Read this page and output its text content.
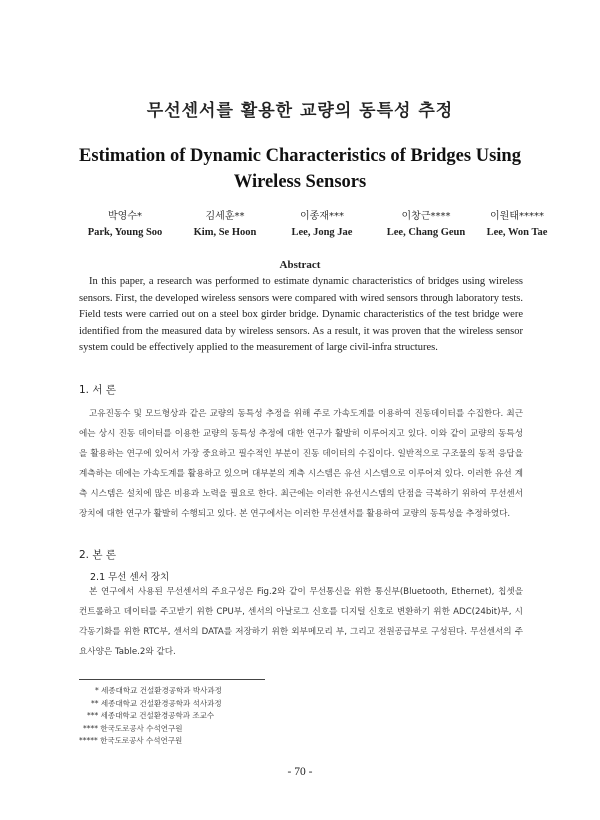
무선센서를 활용한 교량의 동특성 추정
Estimation of Dynamic Characteristics of Bridges Using
Wireless Sensors
박영수*
Park, Young Soo
김세훈**
Kim, Se Hoon
이종재***
Lee, Jong Jae
이창근****
Lee, Chang Geun
이원태*****
Lee, Won Tae
Abstract
In this paper, a research was performed to estimate dynamic characteristics of bridges using wireless sensors. First, the developed wireless sensors were compared with wired sensors through laboratory tests. Field tests were carried out on a steel box girder bridge. Dynamic characteristics of the test bridge were identified from the measured data by wireless sensors. As a result, it was proven that the wireless sensor system could be effectively applied to the measurement of large civil-infra structures.
1. 서 론
고유진동수 및 모드형상과 같은 교량의 동특성 추정을 위해 주로 가속도계를 이용하여 진동데이터를 수집한다. 최근에는 상시 진동 데이터를 이용한 교량의 동특성 추정에 대한 연구가 활발히 이루어지고 있다. 이와 같이 교량의 동특성을 활용하는 연구에 있어서 가장 중요하고 필수적인 부분이 진동 데이터의 수집이다. 일반적으로 구조물의 동적 응답을 계측하는 데에는 가속도계를 활용하고 있으며 대부분의 계측 시스템은 유선 시스템으로 이루어져 있다. 이러한 유선 계측 시스템은 설치에 많은 비용과 노력을 필요로 한다. 최근에는 이러한 유선시스템의 단점을 극복하기 위하여 무선센서 장치에 대한 연구가 활발히 수행되고 있다. 본 연구에서는 이러한 무선센서를 활용하여 교량의 동특성을 추정하였다.
2. 본 론
2.1 무선 센서 장치
본 연구에서 사용된 무선센서의 주요구성은 Fig.2와 같이 무선통신을 위한 통신부(Bluetooth, Ethernet), 칩셋을 컨트롤하고 데이터를 주고받기 위한 CPU부, 센서의 아날로그 신호를 디지털 신호로 변환하기 위한 ADC(24bit)부, 시각동기화를 위한 RTC부, 센서의 DATA를 저장하기 위한 외부메모리 부, 그리고 전원공급부로 구성된다. 무선센서의 주요사양은 Table.2와 같다.
* 세종대학교 건설환경공학과 박사과정
** 세종대학교 건설환경공학과 석사과정
*** 세종대학교 건설환경공학과 조교수
**** 한국도로공사 수석연구원
***** 한국도로공사 수석연구원
- 70 -
